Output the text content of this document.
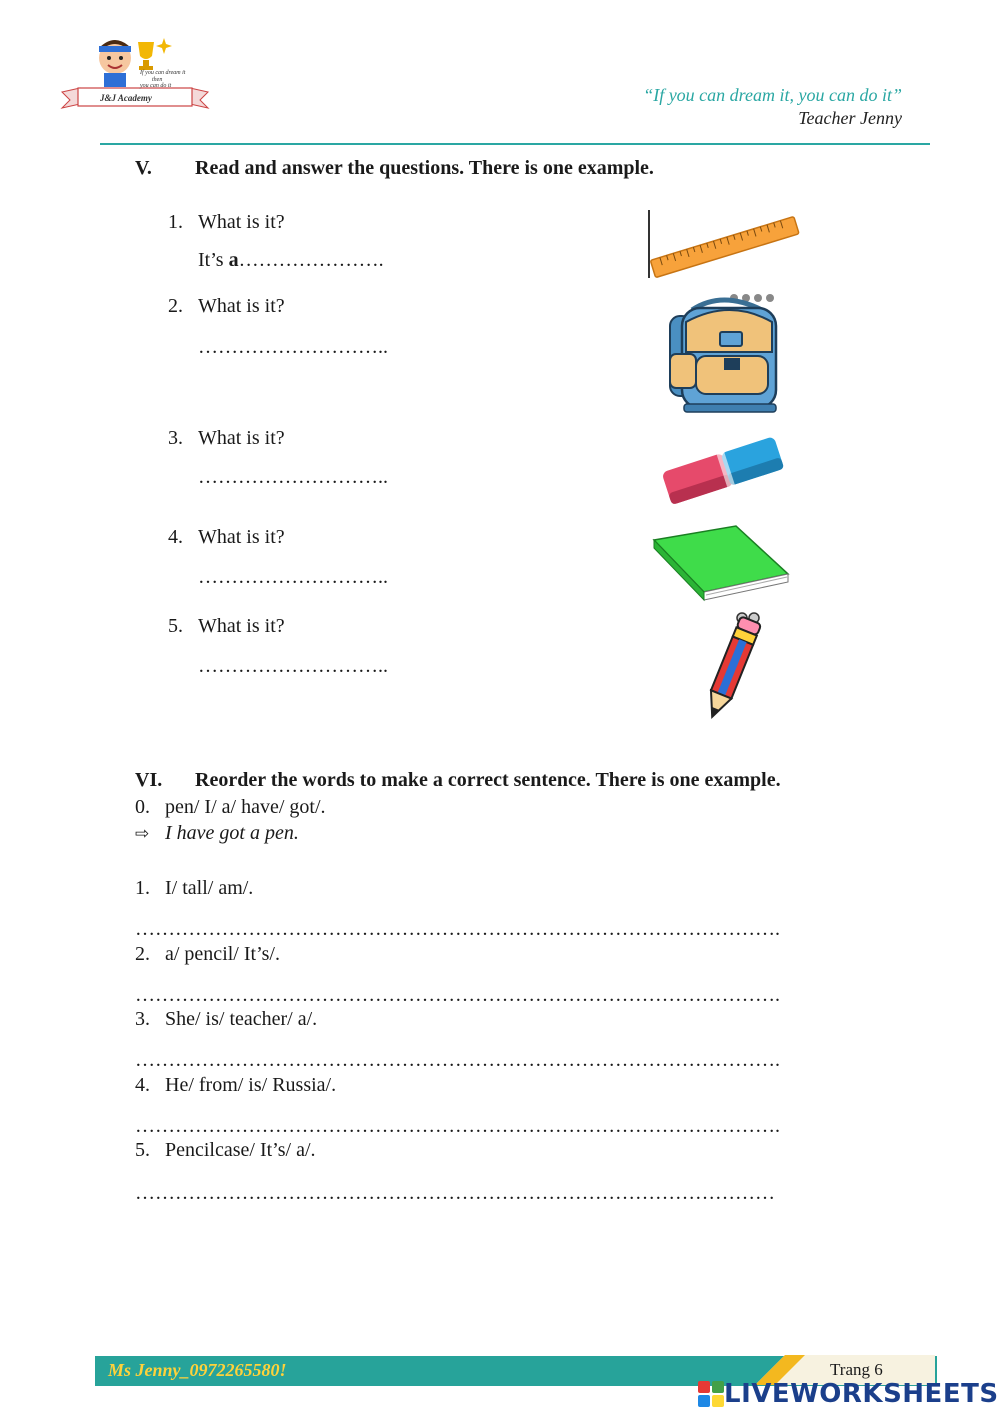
If you can dream it
then
you can do it
J&J Academy	“If you can dream it, you can do it”
Teacher Jenny
V. Read and answer the questions. There is one example.
1. What is it?
It’s a………………….
2. What is it?
………………………..
3. What is it?
………………………..
4. What is it?
………………………..
5. What is it?
………………………..
VI. Reorder the words to make a correct sentence. There is one example.
0. pen/ I/ a/ have/ got/.
⇨ I have got a pen.
1. I/ tall/ am/.
…………………………………………………………………………………….
2. a/ pencil/ It’s/.
…………………………………………………………………………………….
3. She/ is/ teacher/ a/.
…………………………………………………………………………………….
4. He/ from/ is/ Russia/.
…………………………………………………………………………………….
5. Pencilcase/ It’s/ a/.
……………………………………………………………………………………
Ms Jenny_0972265580!	Trang 6
LIVEWORKSHEETS
